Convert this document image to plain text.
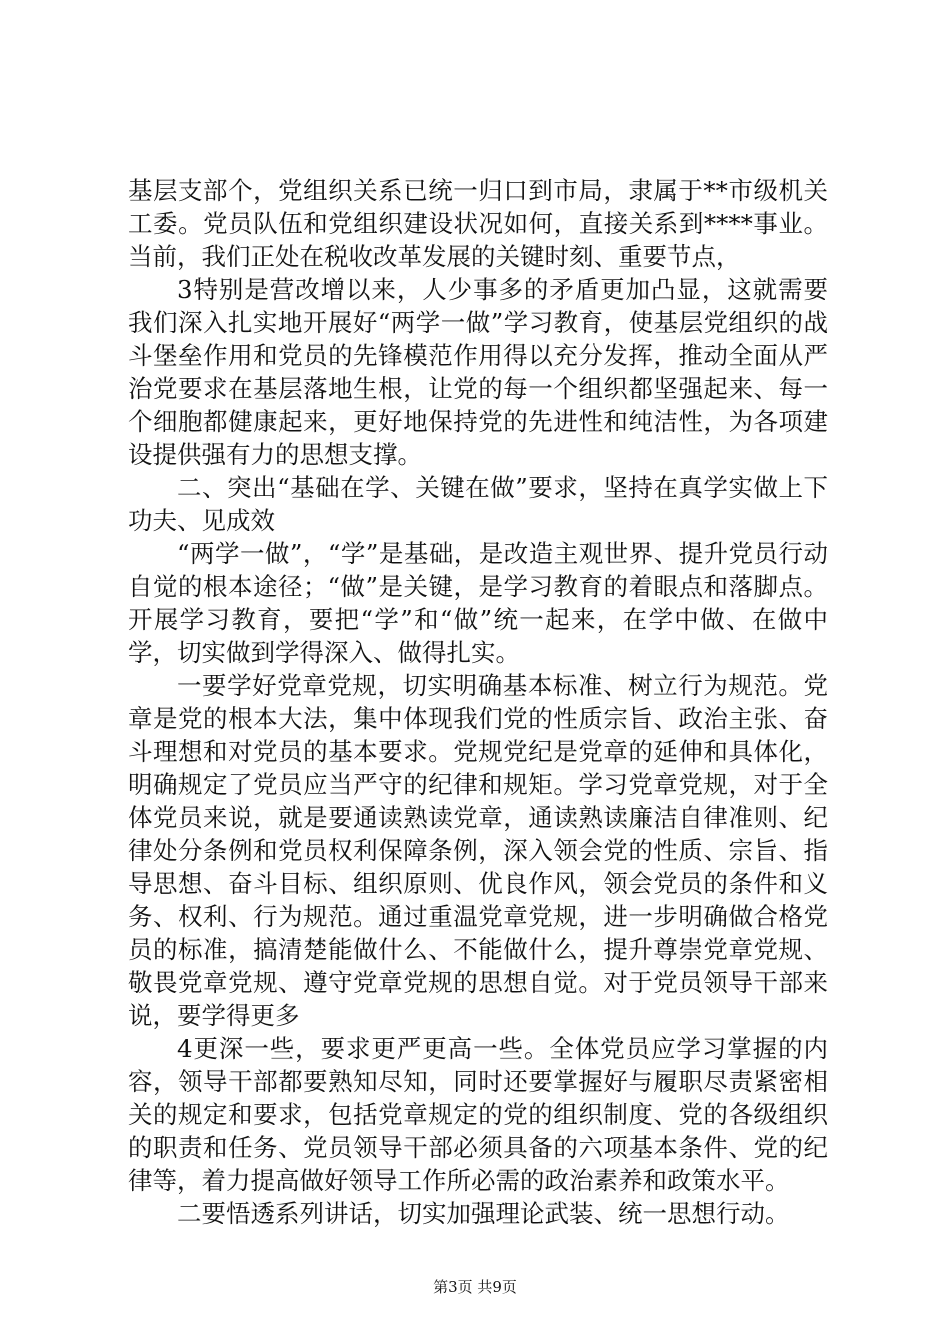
基层支部个，党组织关系已统一归口到市局，隶属于**市级机关工委。党员队伍和党组织建设状况如何，直接关系到****事业。当前，我们正处在税收改革发展的关键时刻、重要节点，

3特别是营改增以来，人少事多的矛盾更加凸显，这就需要我们深入扎实地开展好“两学一做”学习教育，使基层党组织的战斗堡垒作用和党员的先锋模范作用得以充分发挥，推动全面从严治党要求在基层落地生根，让党的每一个组织都坚强起来、每一个细胞都健康起来，更好地保持党的先进性和纯洁性，为各项建设提供强有力的思想支撑。

二、突出“基础在学、关键在做”要求，坚持在真学实做上下功夫、见成效

“两学一做”，“学”是基础，是改造主观世界、提升党员行动自觉的根本途径；“做”是关键，是学习教育的着眼点和落脚点。开展学习教育，要把“学”和“做”统一起来，在学中做、在做中学，切实做到学得深入、做得扎实。

一要学好党章党规，切实明确基本标准、树立行为规范。党章是党的根本大法，集中体现我们党的性质宗旨、政治主张、奋斗理想和对党员的基本要求。党规党纪是党章的延伸和具体化，明确规定了党员应当严守的纪律和规矩。学习党章党规，对于全体党员来说，就是要通读熟读党章，通读熟读廉洁自律准则、纪律处分条例和党员权利保障条例，深入领会党的性质、宗旨、指导思想、奋斗目标、组织原则、优良作风，领会党员的条件和义务、权利、行为规范。通过重温党章党规，进一步明确做合格党员的标准，搞清楚能做什么、不能做什么，提升尊崇党章党规、敬畏党章党规、遵守党章党规的思想自觉。对于党员领导干部来说，要学得更多

4更深一些，要求更严更高一些。全体党员应学习掌握的内容，领导干部都要熟知尽知，同时还要掌握好与履职尽责紧密相关的规定和要求，包括党章规定的党的组织制度、党的各级组织的职责和任务、党员领导干部必须具备的六项基本条件、党的纪律等，着力提高做好领导工作所必需的政治素养和政策水平。

二要悟透系列讲话，切实加强理论武装、统一思想行动。

第3页 共9页
